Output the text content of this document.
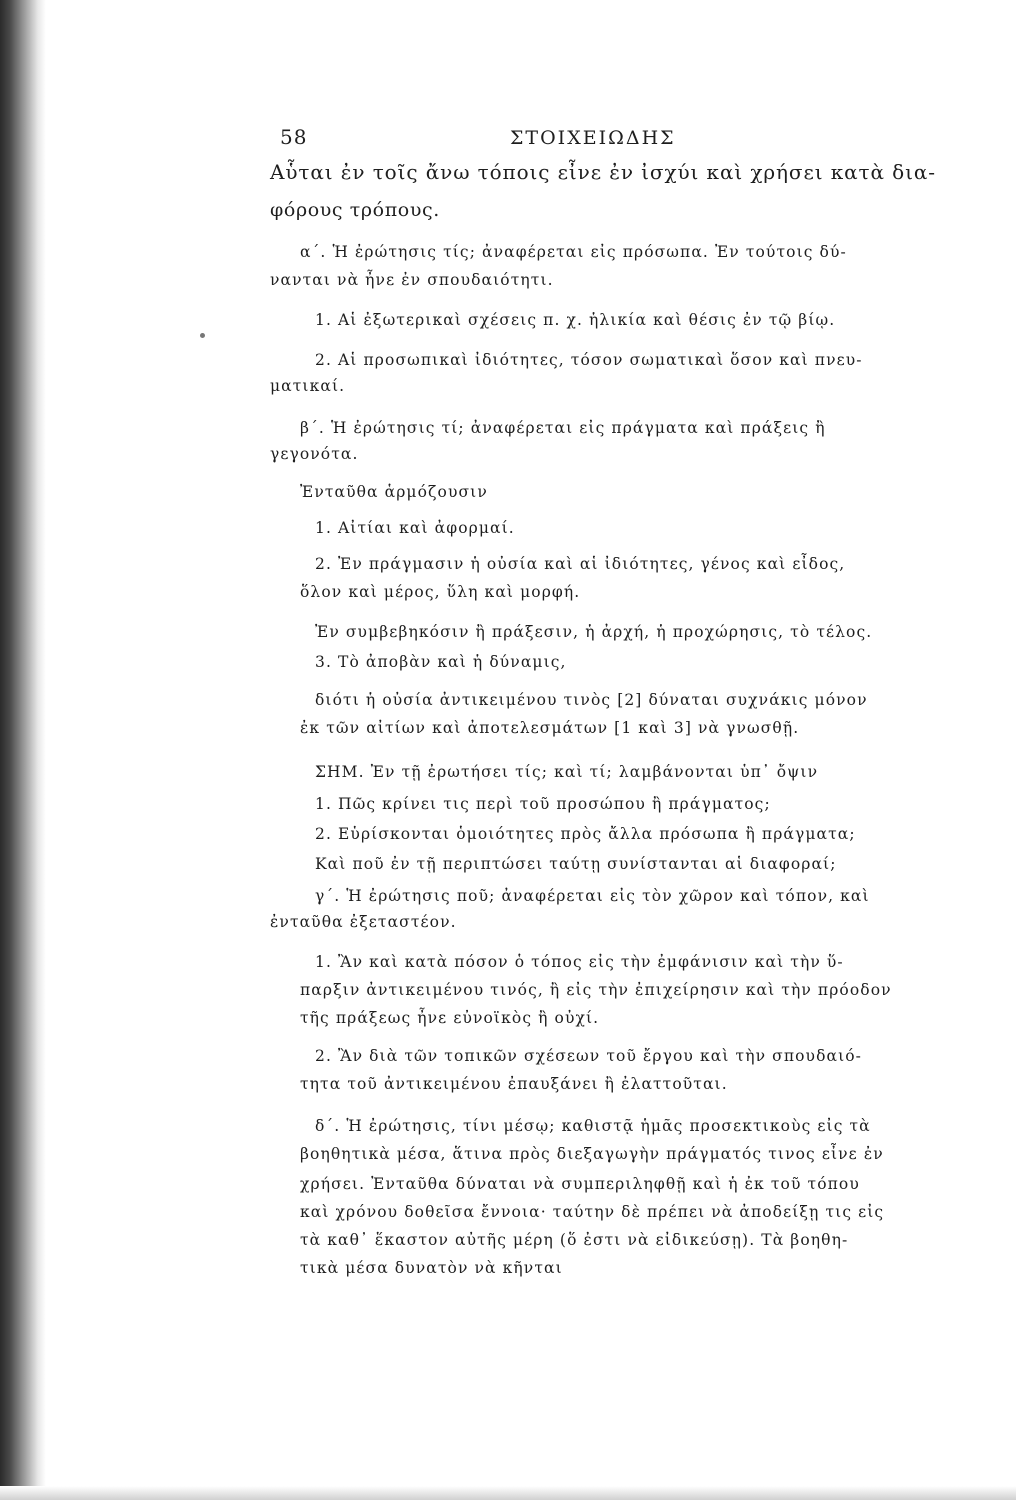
58	ΣΤΟΙΧΕΙΩΔΗΣ
Αὗται ἐν τοῖς ἄνω τόποις εἶνε ἐν ἰσχύι καὶ χρήσει κατὰ δια-
φόρους τρόπους.
α΄. Ἡ ἐρώτησις τίς; ἀναφέρεται εἰς πρόσωπα. Ἐν τούτοις δύ-
νανται νὰ ἦνε ἐν σπουδαιότητι.
1. Αἱ ἐξωτερικαὶ σχέσεις π. χ. ἡλικία καὶ θέσις ἐν τῷ βίῳ.
2. Αἱ προσωπικαὶ ἰδιότητες, τόσον σωματικαὶ ὅσον καὶ πνευ-
ματικαί.
β΄. Ἡ ἐρώτησις τί; ἀναφέρεται εἰς πράγματα καὶ πράξεις ἢ
γεγονότα.
Ἐνταῦθα ἁρμόζουσιν
1. Αἰτίαι καὶ ἀφορμαί.
2. Ἐν πράγμασιν ἡ οὐσία καὶ αἱ ἰδιότητες, γένος καὶ εἶδος,
ὅλον καὶ μέρος, ὕλη καὶ μορφή.
Ἐν συμβεβηκόσιν ἢ πράξεσιν, ἡ ἀρχή, ἡ προχώρησις, τὸ τέλος.
3. Τὸ ἀποβὰν καὶ ἡ δύναμις,
διότι ἡ οὐσία ἀντικειμένου τινὸς [2] δύναται συχνάκις μόνον
ἐκ τῶν αἰτίων καὶ ἀποτελεσμάτων [1 καὶ 3] νὰ γνωσθῇ.
ΣΗΜ. Ἐν τῇ ἐρωτήσει τίς; καὶ τί; λαμβάνονται ὑπ᾽ ὄψιν
1. Πῶς κρίνει τις περὶ τοῦ προσώπου ἢ πράγματος;
2. Εὑρίσκονται ὁμοιότητες πρὸς ἄλλα πρόσωπα ἢ πράγματα;
Καὶ ποῦ ἐν τῇ περιπτώσει ταύτῃ συνίστανται αἱ διαφοραί;
γ΄. Ἡ ἐρώτησις ποῦ; ἀναφέρεται εἰς τὸν χῶρον καὶ τόπον, καὶ
ἐνταῦθα ἐξεταστέον.
1. Ἂν καὶ κατὰ πόσον ὁ τόπος εἰς τὴν ἐμφάνισιν καὶ τὴν ὕ-
παρξιν ἀντικειμένου τινός, ἢ εἰς τὴν ἐπιχείρησιν καὶ τὴν πρόοδον
τῆς πράξεως ἦνε εὐνοϊκὸς ἢ οὐχί.
2. Ἂν διὰ τῶν τοπικῶν σχέσεων τοῦ ἔργου καὶ τὴν σπουδαιό-
τητα τοῦ ἀντικειμένου ἐπαυξάνει ἢ ἐλαττοῦται.
δ΄. Ἡ ἐρώτησις, τίνι μέσῳ; καθιστᾷ ἡμᾶς προσεκτικοὺς εἰς τὰ
βοηθητικὰ μέσα, ἅτινα πρὸς διεξαγωγὴν πράγματός τινος εἶνε ἐν
χρήσει. Ἐνταῦθα δύναται νὰ συμπεριληφθῇ καὶ ἡ ἐκ τοῦ τόπου
καὶ χρόνου δοθεῖσα ἔννοια· ταύτην δὲ πρέπει νὰ ἀποδείξῃ τις εἰς
τὰ καθ᾽ ἕκαστον αὐτῆς μέρη (ὅ ἐστι νὰ εἰδικεύσῃ). Τὰ βοηθη-
τικὰ μέσα δυνατὸν νὰ κῆνται
